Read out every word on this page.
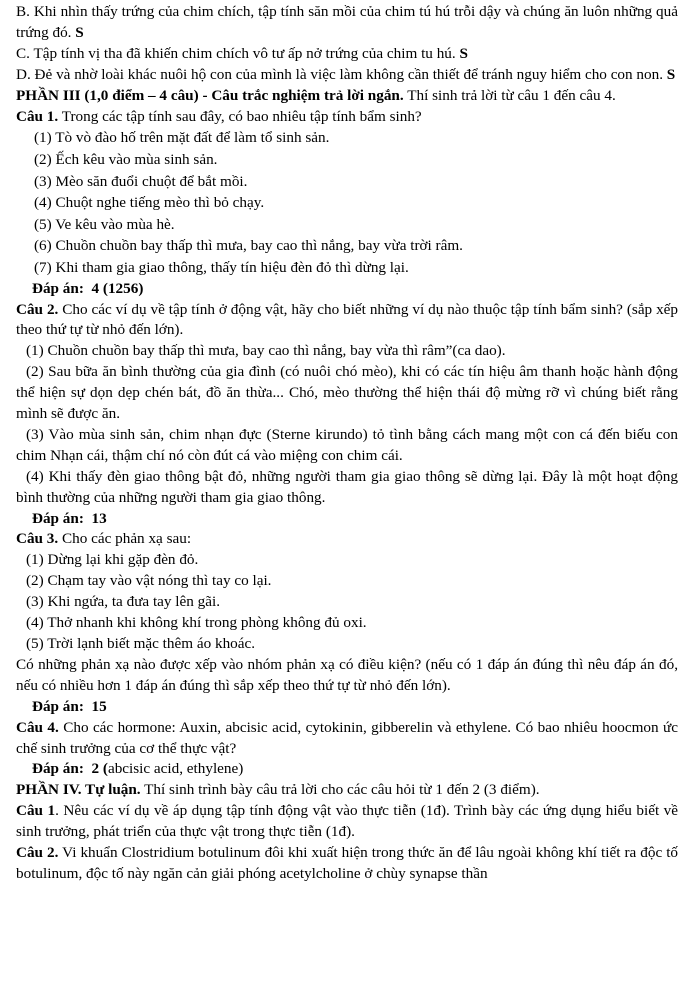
B. Khi nhìn thấy trứng của chim chích, tập tính săn mồi của chim tú hú trỗi dậy và chúng ăn luôn những quả trứng đó. S

C. Tập tính vị tha đã khiến chim chích vô tư ấp nở trứng của chim tu hú. S

D. Đẻ và nhờ loài khác nuôi hộ con của mình là việc làm không cần thiết để tránh nguy hiểm cho con non. S

PHẦN III (1,0 điểm – 4 câu) - Câu trắc nghiệm trả lời ngắn. Thí sinh trả lời từ câu 1 đến câu 4.

Câu 1. Trong các tập tính sau đây, có bao nhiêu tập tính bẩm sinh?

(1) Tò vò đào hố trên mặt đất để làm tổ sinh sản.

(2) Ếch kêu vào mùa sinh sản.

(3) Mèo săn đuổi chuột để bắt mồi.

(4) Chuột nghe tiếng mèo thì bỏ chạy.

(5) Ve kêu vào mùa hè.

(6) Chuồn chuồn bay thấp thì mưa, bay cao thì nắng, bay vừa trời râm.

(7) Khi tham gia giao thông, thấy tín hiệu đèn đỏ thì dừng lại.

Đáp án: 4 (1256)

Câu 2. Cho các ví dụ về tập tính ở động vật, hãy cho biết những ví dụ nào thuộc tập tính bẩm sinh? (sắp xếp theo thứ tự từ nhỏ đến lớn).

(1) Chuồn chuồn bay thấp thì mưa, bay cao thì nắng, bay vừa thì râm”(ca dao).

(2) Sau bữa ăn bình thường của gia đình (có nuôi chó mèo), khi có các tín hiệu âm thanh hoặc hành động thể hiện sự dọn dẹp chén bát, đồ ăn thừa... Chó, mèo thường thể hiện thái độ mừng rỡ vì chúng biết rằng mình sẽ được ăn.

(3) Vào mùa sinh sản, chim nhạn đực (Sterne kirundo) tỏ tình bằng cách mang một con cá đến biếu con chim Nhạn cái, thậm chí nó còn đút cá vào miệng con chim cái.

(4) Khi thấy đèn giao thông bật đỏ, những người tham gia giao thông sẽ dừng lại. Đây là một hoạt động bình thường của những người tham gia giao thông.

Đáp án: 13

Câu 3. Cho các phản xạ sau:

(1) Dừng lại khi gặp đèn đỏ.

(2) Chạm tay vào vật nóng thì tay co lại.

(3) Khi ngứa, ta đưa tay lên gãi.

(4) Thở nhanh khi không khí trong phòng không đủ oxi.

(5) Trời lạnh biết mặc thêm áo khoác.

Có những phản xạ nào được xếp vào nhóm phản xạ có điều kiện? (nếu có 1 đáp án đúng thì nêu đáp án đó, nếu có nhiều hơn 1 đáp án đúng thì sắp xếp theo thứ tự từ nhỏ đến lớn).

Đáp án: 15

Câu 4. Cho các hormone: Auxin, abcisic acid, cytokinin, gibberelin và ethylene. Có bao nhiêu hoocmon ức chế sinh trưởng của cơ thể thực vật?

Đáp án: 2 (abcisic acid, ethylene)

PHẦN IV. Tự luận. Thí sinh trình bày câu trả lời cho các câu hỏi từ 1 đến 2 (3 điểm).

Câu 1. Nêu các ví dụ về áp dụng tập tính động vật vào thực tiễn (1đ). Trình bày các ứng dụng hiểu biết về sinh trưởng, phát triển của thực vật trong thực tiễn (1đ).

Câu 2. Vi khuẩn Clostridium botulinum đôi khi xuất hiện trong thức ăn để lâu ngoài không khí tiết ra độc tố botulinum, độc tố này ngăn cản giải phóng acetylcholine ở chùy synapse thần
